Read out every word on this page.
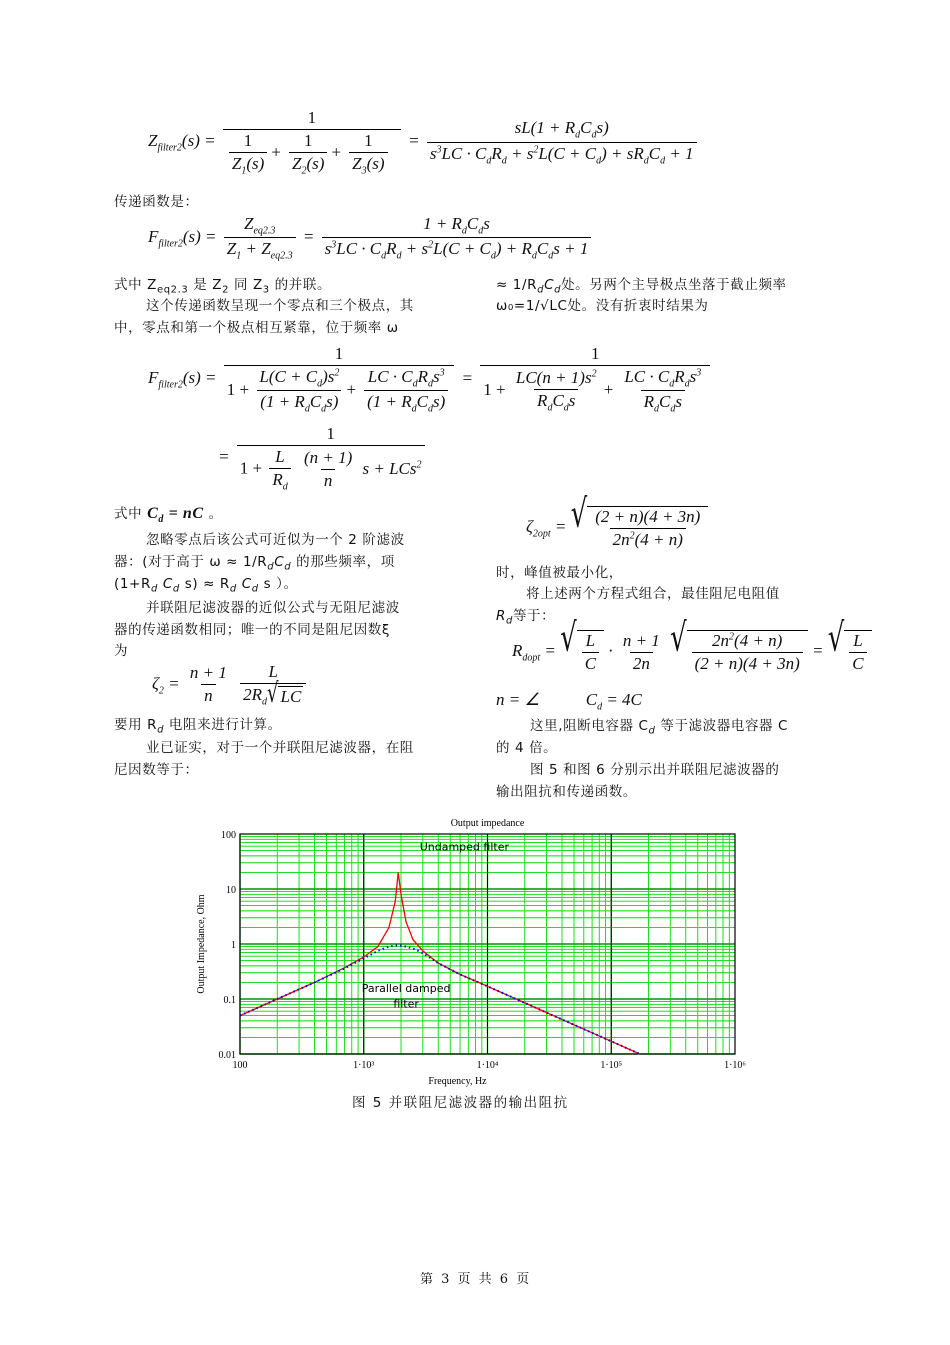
$Z_{filter2}(s) = \frac{1}{\frac{1}{Z_1(s)} + \frac{1}{Z_2(s)} + \frac{1}{Z_3(s)}} = \frac{sL(1 + R_dC_ds)}{s^3LC \cdot C_dR_d + s^2L(C + C_d) + sR_dC_d + 1}$
传递函数是：
$F_{filter2}(s) = \frac{Z_{eq2.3}}{Z_1 + Z_{eq2.3}} = \frac{1 + R_dC_ds}{s^3LC \cdot C_dR_d + s^2L(C + C_d) + R_dC_ds + 1}$
式中 $Z_{eq2.3}$ 是 $Z_2$ 同 $Z_3$ 的并联。
这个传递函数呈现一个零点和三个极点，其
中，零点和第一个极点相互紧靠，位于频率 ω
≈ $1/R_dC_d$处。另两个主导极点坐落于截止频率
ω₀=1/√LC处。没有折衷时结果为
$F_{filter2}(s)$ =
1
$1 + \frac{L(C + C_d)s^2}{(1 + R_dC_ds)} + \frac{LC \cdot C_dR_ds^3}{(1 + R_dC_ds)} = \frac{1}{1 + \frac{LC(n + 1)s^2}{R_dC_ds} + \frac{LC \cdot C_dR_ds^3}{R_dC_ds}}$
= 1
$1 + \frac{L}{R_d}$
$\frac{(n + 1)}{n}$ s + LCs$^2$
式中 $C_d$ = nC 。
忽略零点后该公式可近似为一个 2 阶滤波
器：(对于高于 $\omega \approx 1/R_dC_d$ 的那些频率，项
($1+R_d$ $C_d$ $s) \approx R_d$ $C_d$ s ）。
并联阻尼滤波器的近似公式与无阻尼滤波
器的传递函数相同；唯一的不同是阻尼因数ξ
为
$\zeta_2 = \frac{n + 1}{n}$
$\frac{L}{2R_d √ LC}$
要用 $R_d$ 电阻来进行计算。
业已证实，对于一个并联阻尼滤波器，在阻
尼因数等于：
$\zeta_{2opt}$ = √ $\frac{(2 + n)(4 + 3n)}{2n^2(4 + n)}$
时，峰值被最小化，
将上述两个方程式组合，最佳阻尼电阻值
$R_d$等于：
$R_{dopt}$ = √ $\frac{L}{C} \cdot \frac{n + 1}{2n}$
√ $\frac{2n^2(4 + n)}{(2 + n)(4 + 3n)}$ = √ $\frac{L}{C}$
n = ∠	$C_d = 4C$
这里,阻断电容器 $C_d$ 等于滤波器电容器 C
的 4 倍。
图 5 和图 6 分别示出并联阻尼滤波器的
输出阻抗和传递函数。
Output impedance
Frequency, Hz
Output Impedance, Ohm
100	1·10³	1·10⁴	1·10⁵	1·10⁶
100
10
1
0.1
0.01
Undamped filter
Parallel damped
filter
图 5 并联阻尼滤波器的输出阻抗
第 3 页 共 6 页
